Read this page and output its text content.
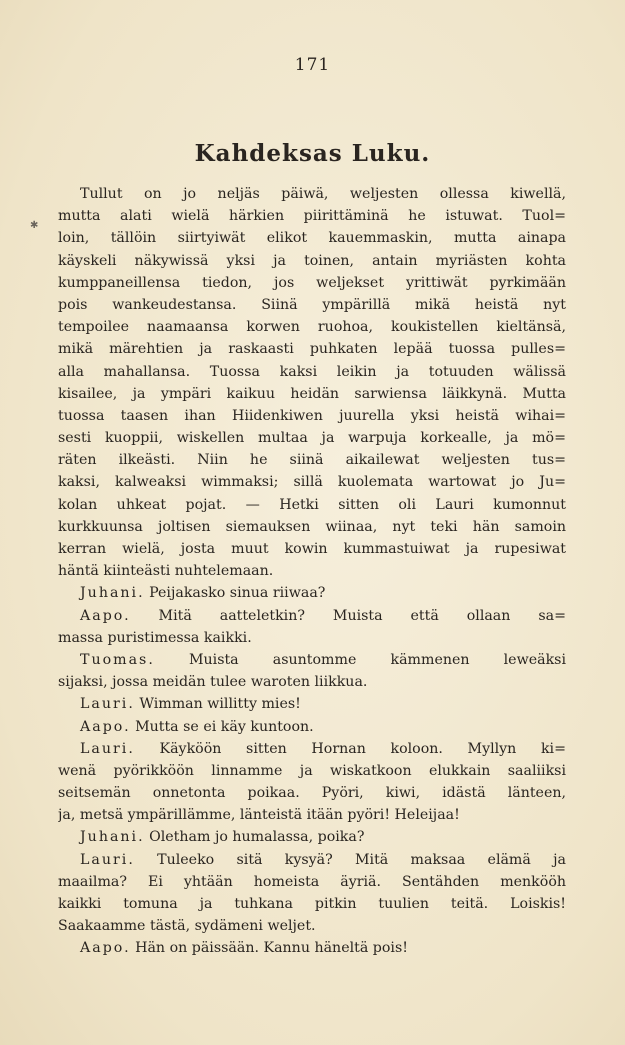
171
Kahdeksas Luku.
✱
Tullut on jo neljäs päiwä, weljesten ollessa kiwellä,
mutta alati wielä härkien piirittäminä he istuwat. Tuol=
loin, tällöin siirtyiwät elikot kauemmaskin, mutta ainapa
käyskeli näkywissä yksi ja toinen, antain myriästen kohta
kumppaneillensa tiedon, jos weljekset yrittiwät pyrkimään
pois wankeudestansa. Siinä ympärillä mikä heistä nyt
tempoilee naamaansa korwen ruohoa, koukistellen kieltänsä,
mikä märehtien ja raskaasti puhkaten lepää tuossa pulles=
alla mahallansa. Tuossa kaksi leikin ja totuuden wälissä
kisailee, ja ympäri kaikuu heidän sarwiensa läikkynä. Mutta
tuossa taasen ihan Hiidenkiwen juurella yksi heistä wihai=
sesti kuoppii, wiskellen multaa ja warpuja korkealle, ja mö=
räten ilkeästi. Niin he siinä aikailewat weljesten tus=
kaksi, kalweaksi wimmaksi; sillä kuolemata wartowat jo Ju=
kolan uhkeat pojat. — Hetki sitten oli Lauri kumonnut
kurkkuunsa joltisen siemauksen wiinaa, nyt teki hän samoin
kerran wielä, josta muut kowin kummastuiwat ja rupesiwat
häntä kiinteästi nuhtelemaan.
Juhani. Peijakasko sinua riiwaa?
Aapo. Mitä aatteletkin? Muista että ollaan sa=
massa puristimessa kaikki.
Tuomas. Muista asuntomme kämmenen leweäksi
sijaksi, jossa meidän tulee waroten liikkua.
Lauri. Wimman willitty mies!
Aapo. Mutta se ei käy kuntoon.
Lauri. Käyköön sitten Hornan koloon. Myllyn ki=
wenä pyörikköön linnamme ja wiskatkoon elukkain saaliiksi
seitsemän onnetonta poikaa. Pyöri, kiwi, idästä länteen,
ja, metsä ympärillämme, länteistä itään pyöri! Heleijaa!
Juhani. Oletham jo humalassa, poika?
Lauri. Tuleeko sitä kysyä? Mitä maksaa elämä ja
maailma? Ei yhtään homeista äyriä. Sentähden menkööh
kaikki tomuna ja tuhkana pitkin tuulien teitä. Loiskis!
Saakaamme tästä, sydämeni weljet.
Aapo. Hän on päissään. Kannu häneltä pois!
